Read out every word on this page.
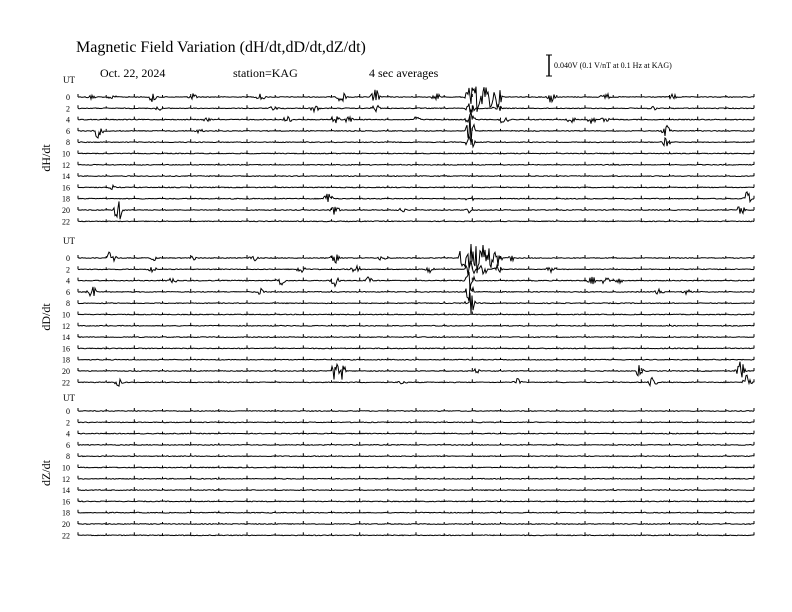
Magnetic Field Variation (dH/dt,dD/dt,dZ/dt)
Oct. 22, 2024	station=KAG	4 sec averages
0.040V (0.1 V/nT at 0.1 Hz at KAG)
UT
dH/dt
0
2
4
6
8
10
12
14
16
18
20
22
UT
dD/dt
0
2
4
6
8
10
12
14
16
18
20
22
UT
dZ/dt
0
2
4
6
8
10
12
14
16
18
20
22
